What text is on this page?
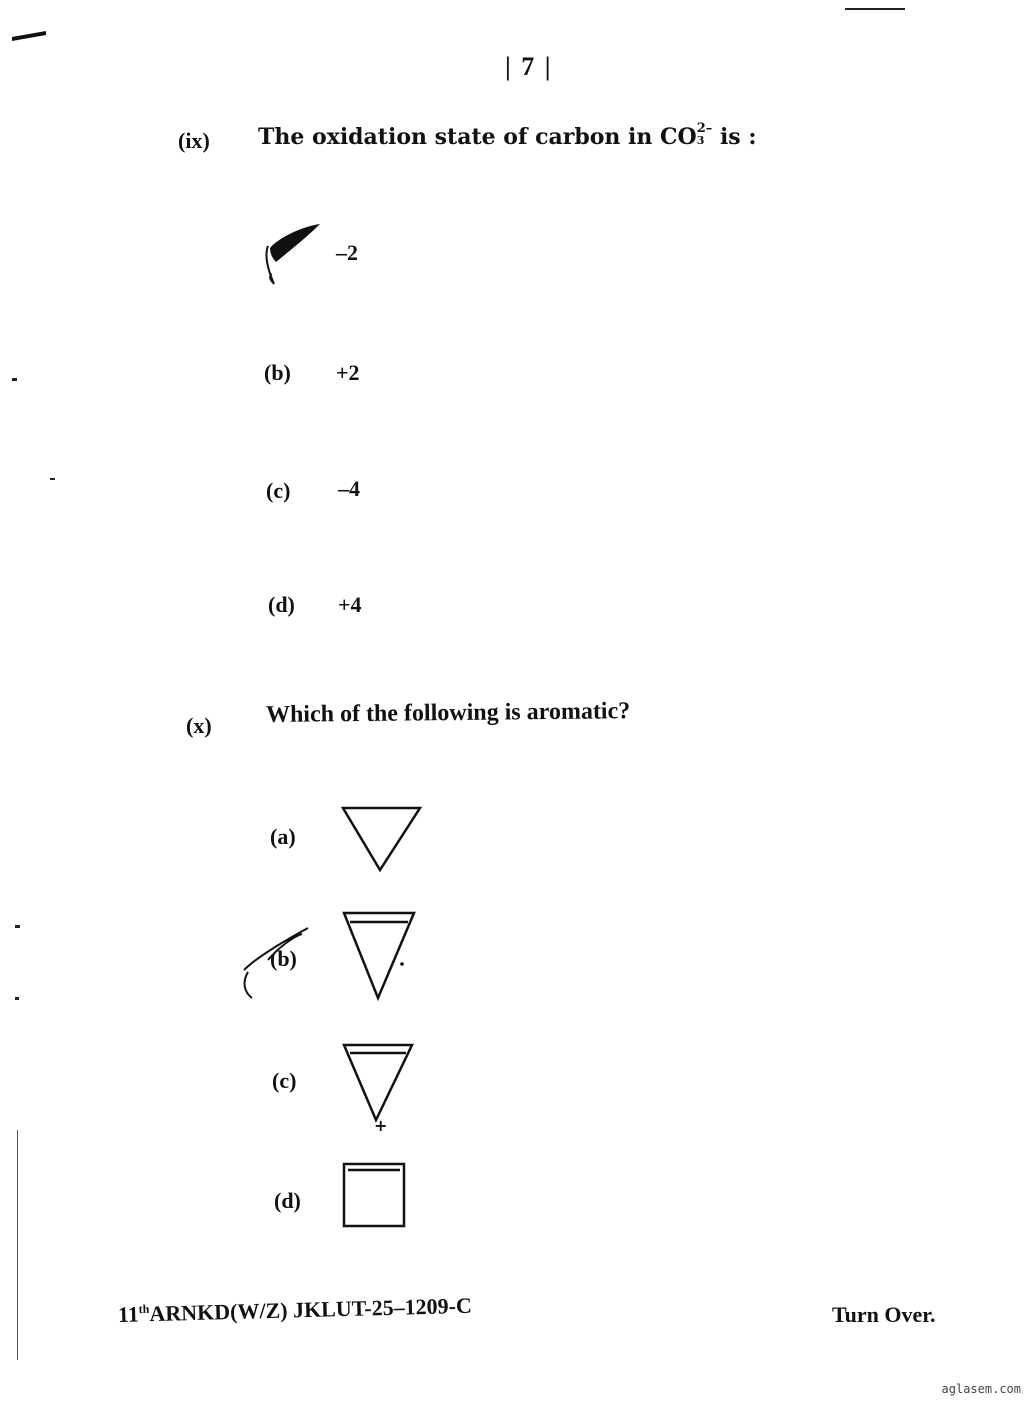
| 7 |
(ix) The oxidation state of carbon in CO 2–
3 is :
–2
(b) +2
(c) –4
(d) +4
(x) Which of the following is aromatic?
(a)
(b)
(c)
+
(d)
11thARNKD(W/Z) JKLUT-25–1209-C	Turn Over.
aglasem.com
